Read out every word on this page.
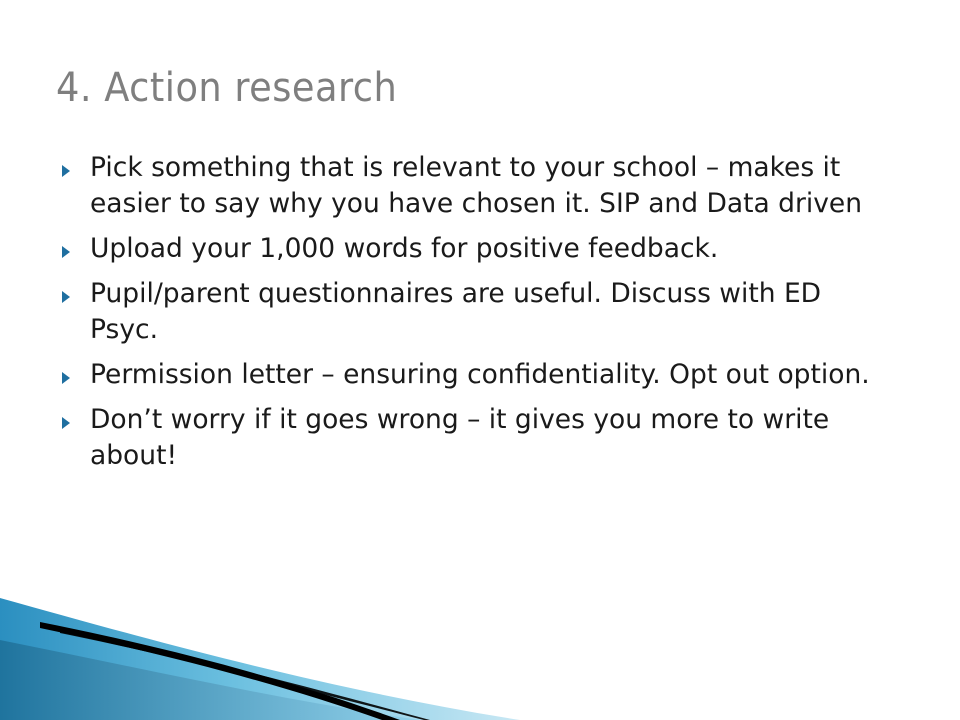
4. Action research
Pick something that is relevant to your school – makes it easier to say why you have chosen it. SIP and Data driven
Upload your 1,000 words for positive feedback.
Pupil/parent questionnaires are useful. Discuss with ED Psyc.
Permission letter – ensuring confidentiality. Opt out option.
Don’t worry if it goes wrong – it gives you more to write about!
